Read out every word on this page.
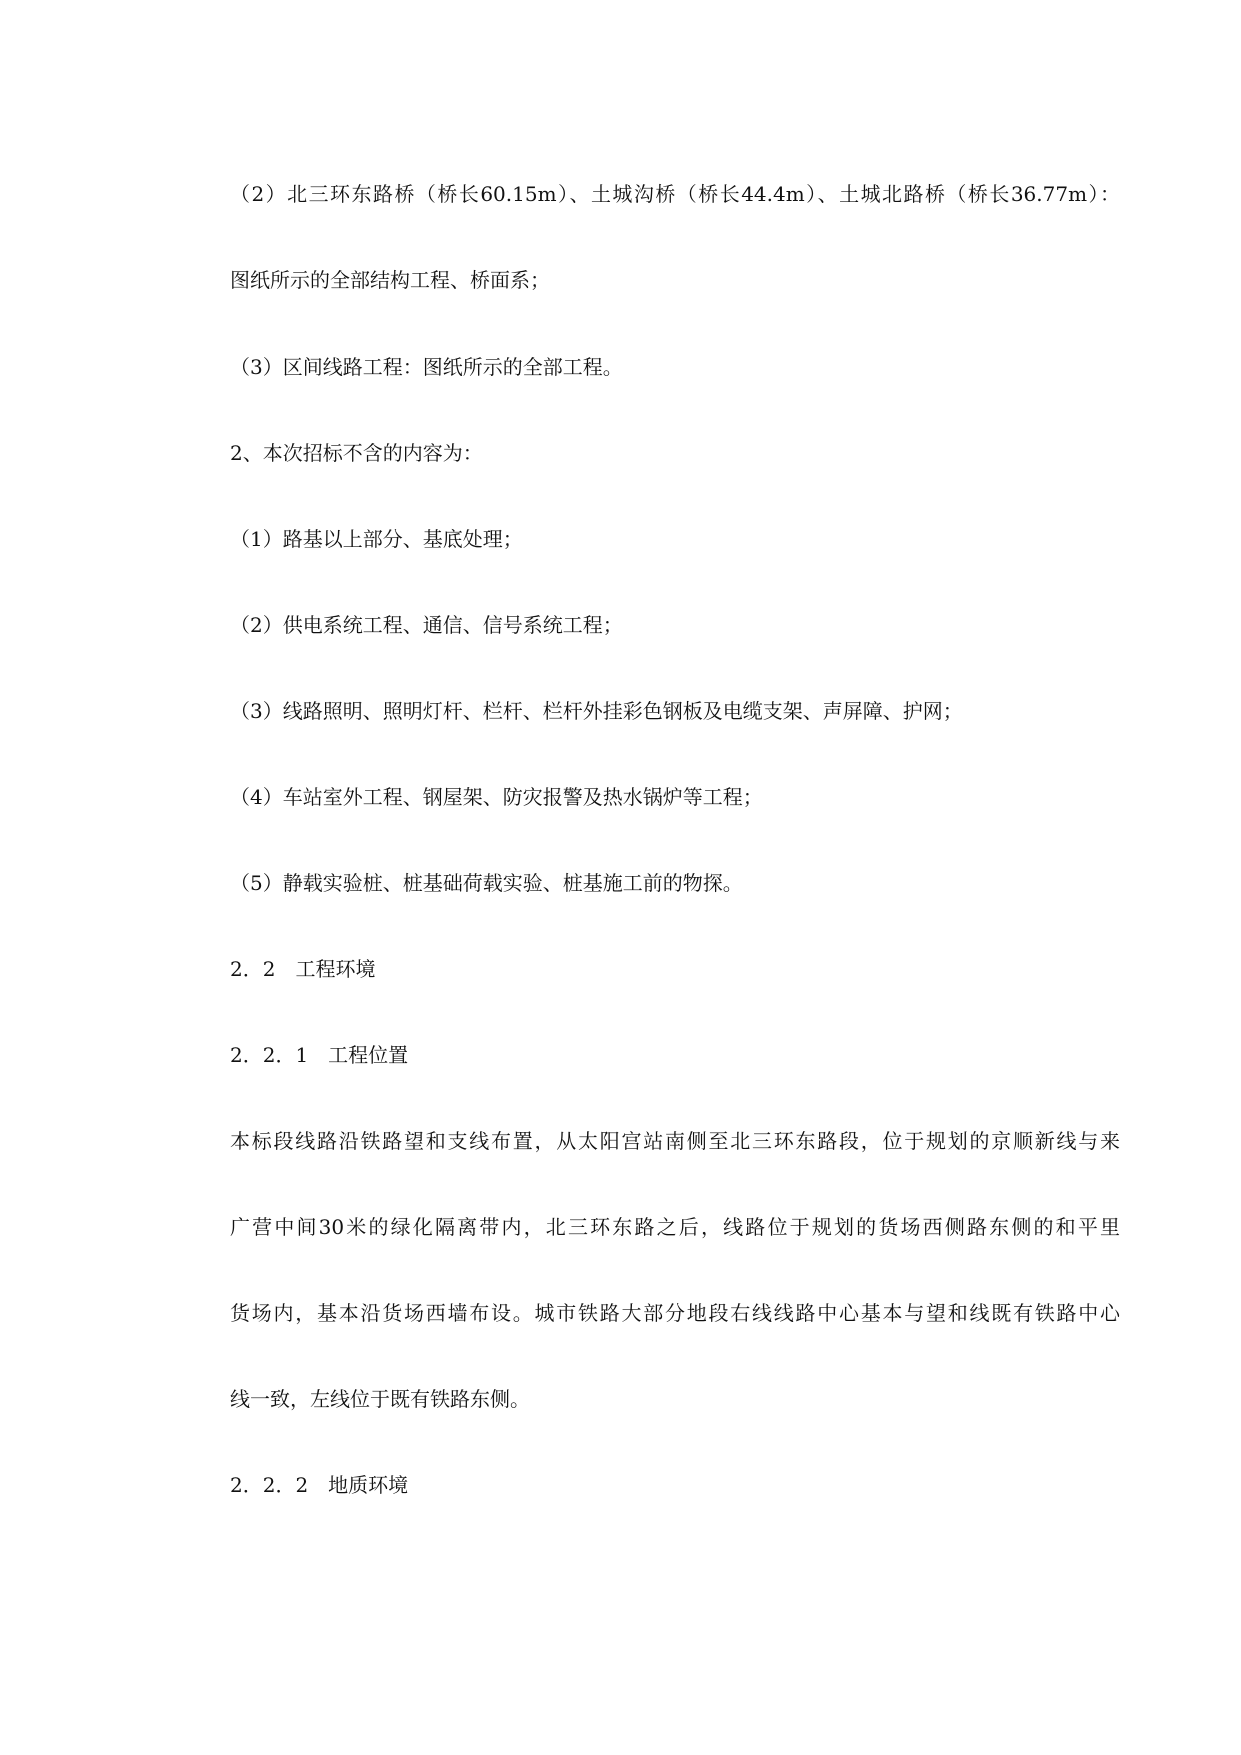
（2）北三环东路桥（桥长60.15m）、土城沟桥（桥长44.4m）、土城北路桥（桥长36.77m）：
图纸所示的全部结构工程、桥面系；
（3）区间线路工程：图纸所示的全部工程。
2、本次招标不含的内容为：
（1）路基以上部分、基底处理；
（2）供电系统工程、通信、信号系统工程；
（3）线路照明、照明灯杆、栏杆、栏杆外挂彩色钢板及电缆支架、声屏障、护网；
（4）车站室外工程、钢屋架、防灾报警及热水锅炉等工程；
（5）静载实验桩、桩基础荷载实验、桩基施工前的物探。
2．2　工程环境
2．2．1　工程位置
本标段线路沿铁路望和支线布置，从太阳宫站南侧至北三环东路段，位于规划的京顺新线与来
广营中间30米的绿化隔离带内，北三环东路之后，线路位于规划的货场西侧路东侧的和平里
货场内，基本沿货场西墙布设。城市铁路大部分地段右线线路中心基本与望和线既有铁路中心
线一致，左线位于既有铁路东侧。
2．2．2　地质环境
